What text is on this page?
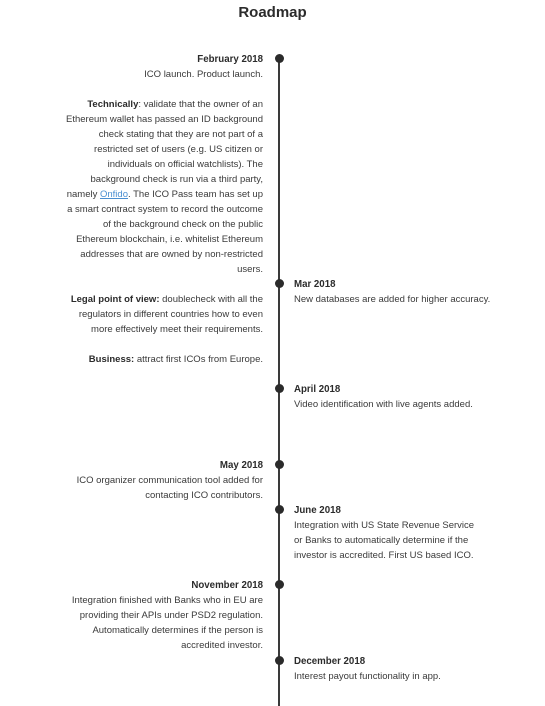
Roadmap
February 2018
ICO launch. Product launch.
Technically: validate that the owner of an Ethereum wallet has passed an ID background check stating that they are not part of a restricted set of users (e.g. US citizen or individuals on official watchlists). The background check is run via a third party, namely Onfido. The ICO Pass team has set up a smart contract system to record the outcome of the background check on the public Ethereum blockchain, i.e. whitelist Ethereum addresses that are owned by non-restricted users.
Legal point of view: doublecheck with all the regulators in different countries how to even more effectively meet their requirements.
Business: attract first ICOs from Europe.
Mar 2018
New databases are added for higher accuracy.
April 2018
Video identification with live agents added.
May 2018
ICO organizer communication tool added for contacting ICO contributors.
June 2018
Integration with US State Revenue Service or Banks to automatically determine if the investor is accredited. First US based ICO.
November 2018
Integration finished with Banks who in EU are providing their APIs under PSD2 regulation. Automatically determines if the person is accredited investor.
December 2018
Interest payout functionality in app.
